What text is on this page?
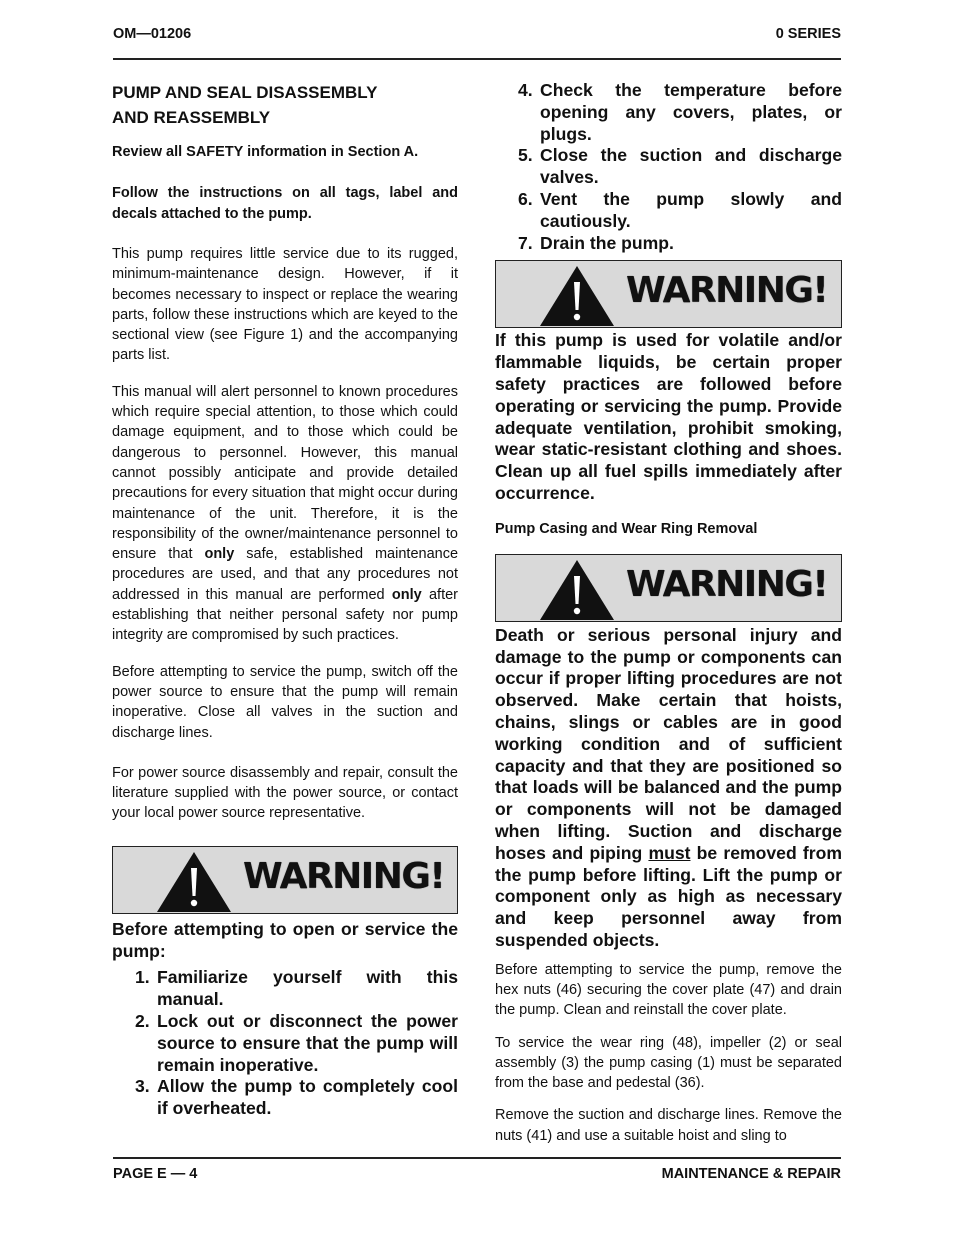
OM—01206	0 SERIES

PUMP AND SEAL DISASSEMBLY

AND REASSEMBLY

Review all SAFETY information in Section A.

Follow the instructions on all tags, label and decals attached to the pump.

This pump requires little service due to its rugged, minimum-maintenance design. However, if it becomes necessary to inspect or replace the wearing parts, follow these instructions which are keyed to the sectional view (see Figure 1) and the accompanying parts list.

This manual will alert personnel to known procedures which require special attention, to those which could damage equipment, and to those which could be dangerous to personnel. However, this manual cannot possibly anticipate and provide detailed precautions for every situation that might occur during maintenance of the unit. Therefore, it is the responsibility of the owner/maintenance personnel to ensure that only safe, established maintenance procedures are used, and that any procedures not addressed in this manual are performed only after establishing that neither personal safety nor pump integrity are compromised by such practices.

Before attempting to service the pump, switch off the power source to ensure that the pump will remain inoperative. Close all valves in the suction and discharge lines.

For power source disassembly and repair, consult the literature supplied with the power source, or contact your local power source representative.

WARNING!

Before attempting to open or service the pump:

1. Familiarize yourself with this manual.
2. Lock out or disconnect the power source to ensure that the pump will remain inoperative.
3. Allow the pump to completely cool if overheated.
4. Check the temperature before opening any covers, plates, or plugs.
5. Close the suction and discharge valves.
6. Vent the pump slowly and cautiously.
7. Drain the pump.
WARNING!

If this pump is used for volatile and/or flammable liquids, be certain proper safety practices are followed before operating or servicing the pump. Provide adequate ventilation, prohibit smoking, wear static-resistant clothing and shoes. Clean up all fuel spills immediately after occurrence.

Pump Casing and Wear Ring Removal

WARNING!

Death or serious personal injury and damage to the pump or components can occur if proper lifting procedures are not observed. Make certain that hoists, chains, slings or cables are in good working condition and of sufficient capacity and that they are positioned so that loads will be balanced and the pump or components will not be damaged when lifting. Suction and discharge hoses and piping must be removed from the pump before lifting. Lift the pump or component only as high as necessary and keep personnel away from suspended objects.

Before attempting to service the pump, remove the hex nuts (46) securing the cover plate (47) and drain the pump. Clean and reinstall the cover plate.

To service the wear ring (48), impeller (2) or seal assembly (3) the pump casing (1) must be separated from the base and pedestal (36).

Remove the suction and discharge lines. Remove the nuts (41) and use a suitable hoist and sling to

PAGE E — 4	MAINTENANCE & REPAIR
